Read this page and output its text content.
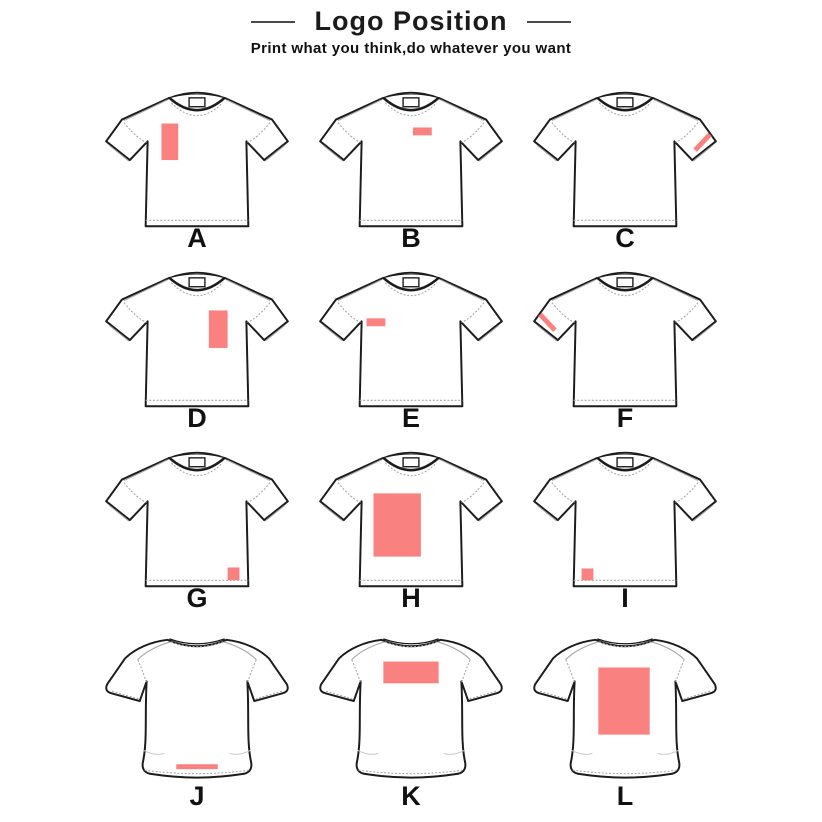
Logo Position
Print what you think,do whatever you want
A	B	C
D	E	F
G	H	I
J	K	L
